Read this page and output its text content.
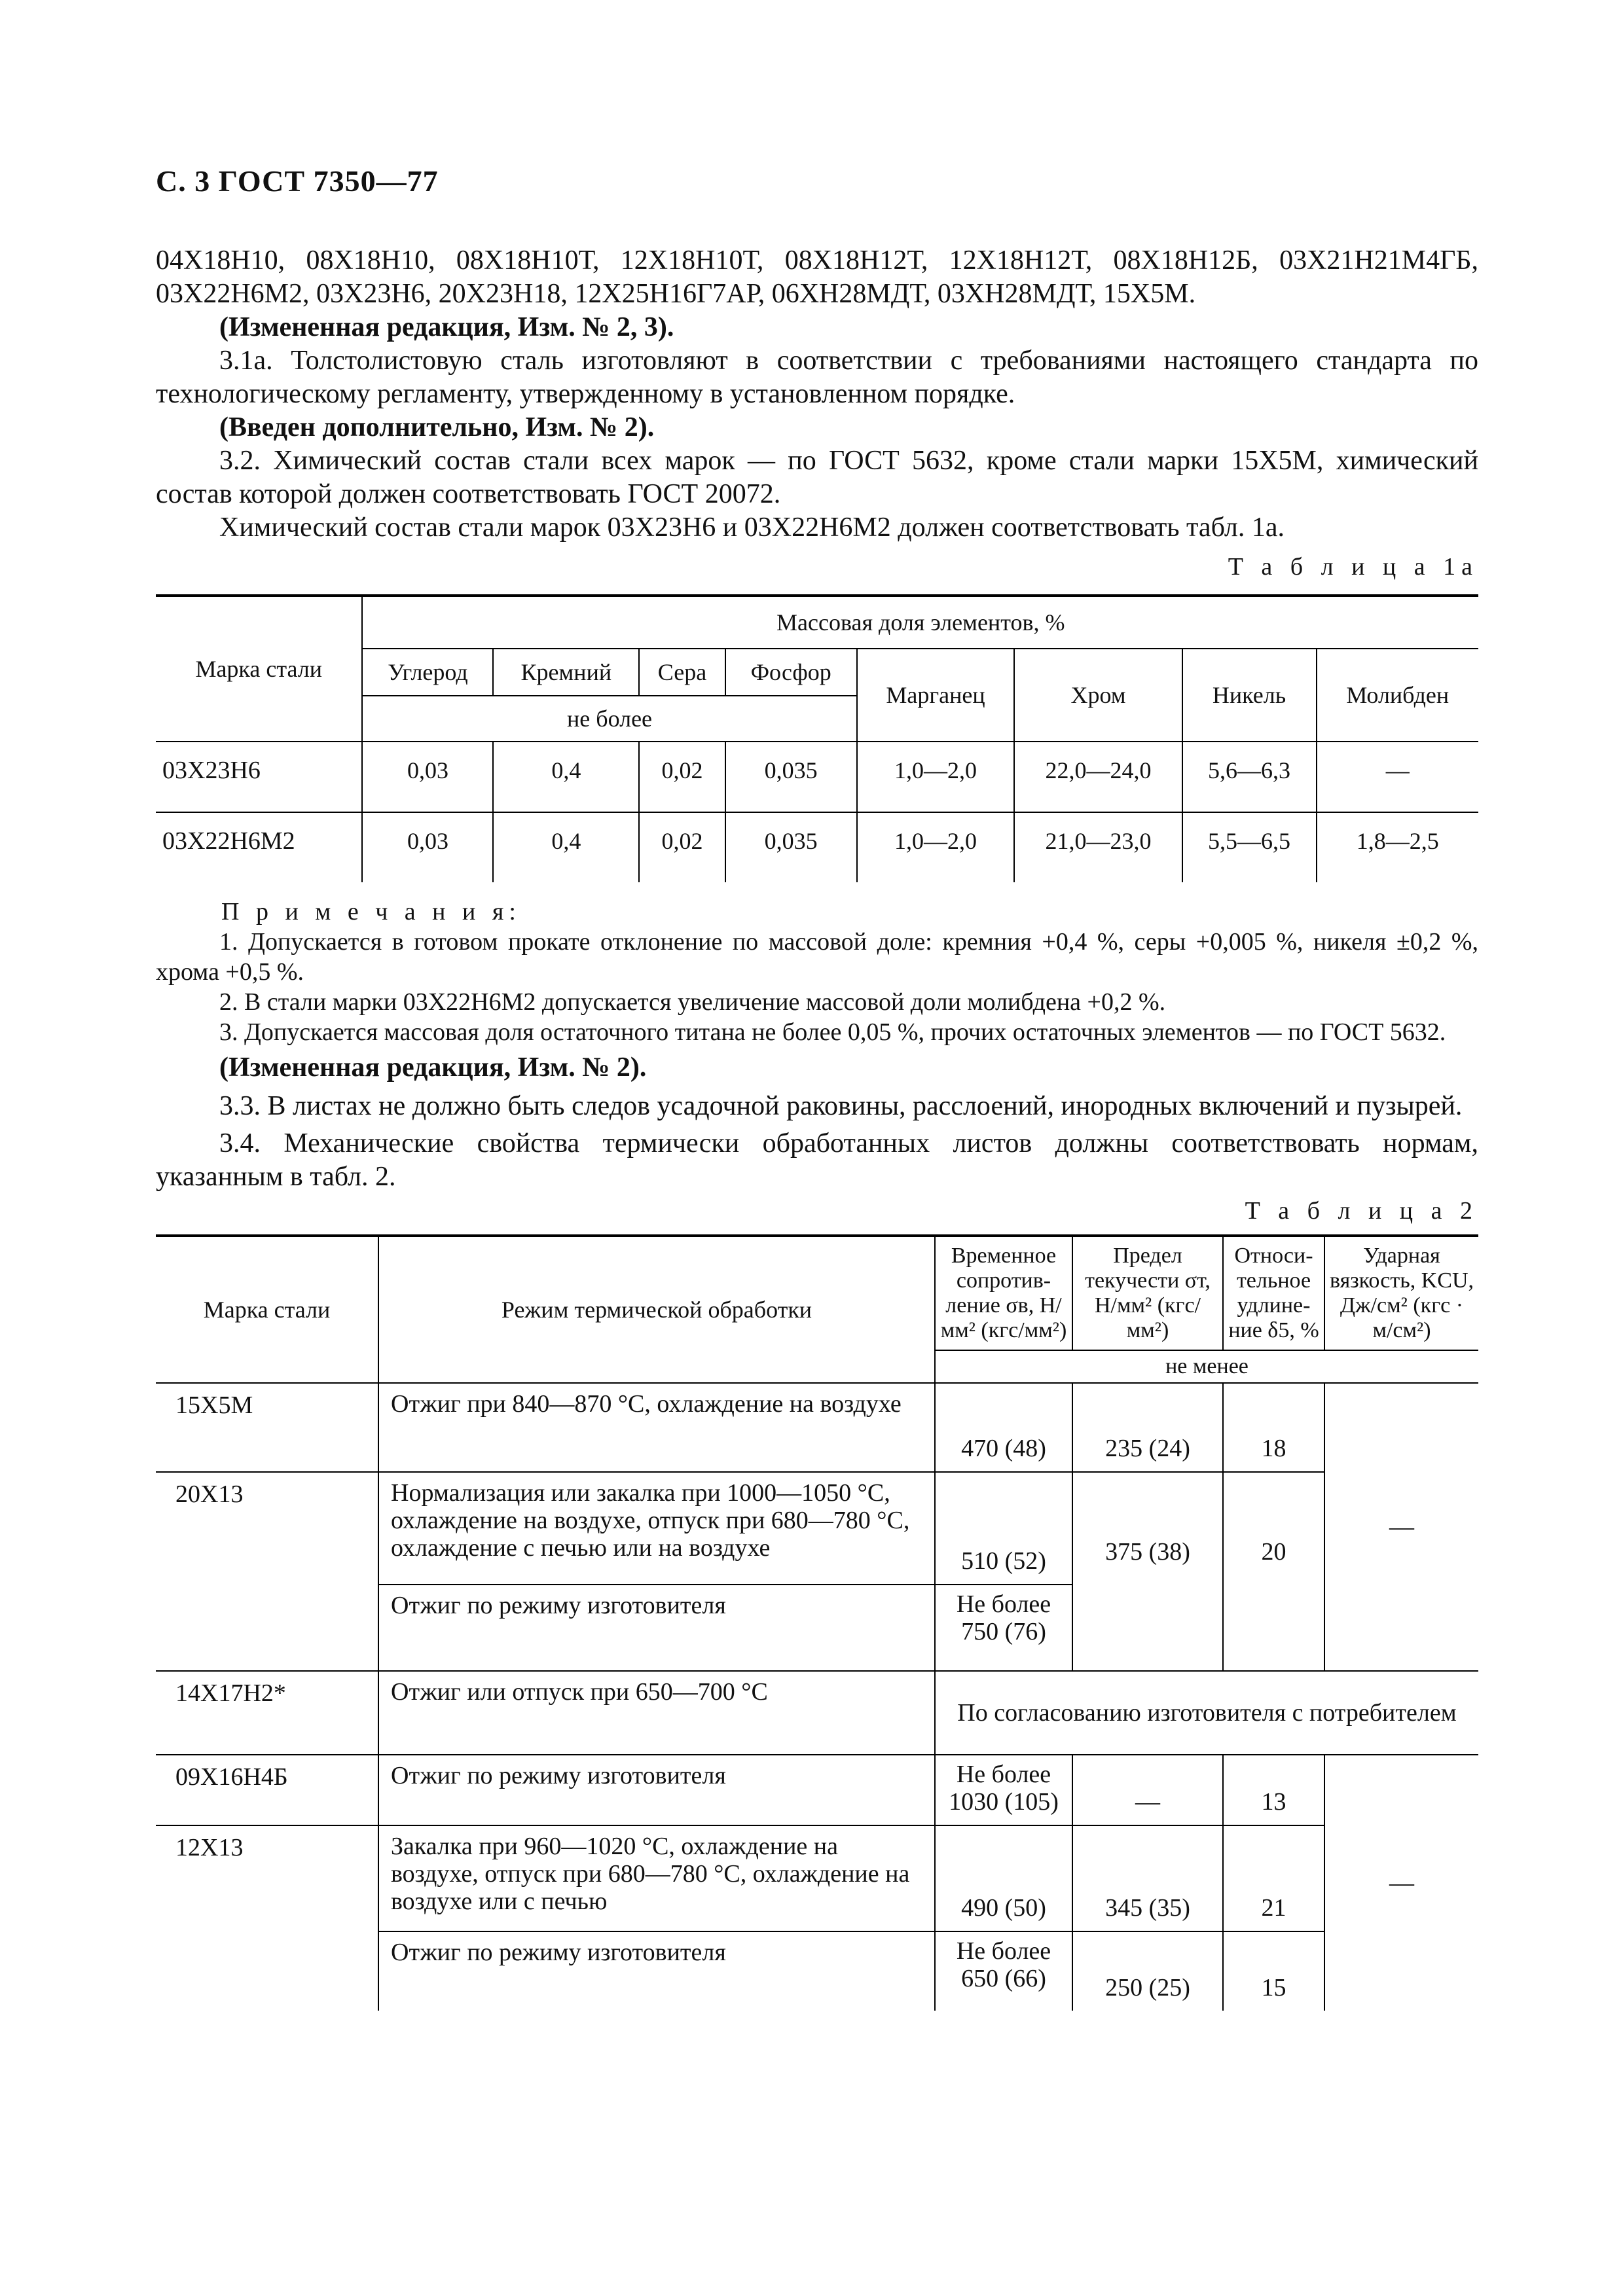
С. 3 ГОСТ 7350—77

04Х18Н10, 08Х18Н10, 08Х18Н10Т, 12Х18Н10Т, 08Х18Н12Т, 12Х18Н12Т, 08Х18Н12Б, 03Х21Н21М4ГБ, 03Х22Н6М2, 03Х23Н6, 20Х23Н18, 12Х25Н16Г7АР, 06ХН28МДТ, 03ХН28МДТ, 15Х5М.

(Измененная редакция, Изм. № 2, 3).

3.1а. Толстолистовую сталь изготовляют в соответствии с требованиями настоящего стандарта по технологическому регламенту, утвержденному в установленном порядке.

(Введен дополнительно, Изм. № 2).

3.2. Химический состав стали всех марок — по ГОСТ 5632, кроме стали марки 15Х5М, химический состав которой должен соответствовать ГОСТ 20072.

Химический состав стали марок 03Х23Н6 и 03Х22Н6М2 должен соответствовать табл. 1а.

Т а б л и ц а 1а
Марка стали	Массовая доля элементов, %							
	Углерод	Кремний	Сера	Фосфор	Марганец	Хром	Никель	Молибден
	не более							
03Х23Н6	0,03	0,4	0,02	0,035	1,0—2,0	22,0—24,0	5,6—6,3	—
03Х22Н6М2	0,03	0,4	0,02	0,035	1,0—2,0	21,0—23,0	5,5—6,5	1,8—2,5
П р и м е ч а н и я:
1. Допускается в готовом прокате отклонение по массовой доле: кремния +0,4 %, серы +0,005 %, никеля ±0,2 %, хрома +0,5 %.
2. В стали марки 03Х22Н6М2 допускается увеличение массовой доли молибдена +0,2 %.
3. Допускается массовая доля остаточного титана не более 0,05 %, прочих остаточных элементов — по ГОСТ 5632.

(Измененная редакция, Изм. № 2).

3.3. В листах не должно быть следов усадочной раковины, расслоений, инородных включений и пузырей.

3.4. Механические свойства термически обработанных листов должны соответствовать нормам, указанным в табл. 2.

Т а б л и ц а 2
Марка стали	Режим термической обработки	Временное сопротив-ление σв, Н/мм² (кгс/мм²)	Предел текучести σт, Н/мм² (кгс/мм²)	Относи-тельное удлине-ние δ5, %	Ударная вязкость, KCU, Дж/см² (кгс · м/см²)
		не менее			
15Х5М	Отжиг при 840—870 °С, охлаждение на воздухе	470 (48)	235 (24)	18	—
20Х13	Нормализация или закалка при 1000—1050 °С, охлаждение на воздухе, отпуск при 680—780 °С, охлаждение с печью или на воздухе	510 (52)	375 (38)	20	
	Отжиг по режиму изготовителя	Не более 750 (76)			
14Х17Н2*	Отжиг или отпуск при 650—700 °С	По согласованию изготовителя с потребителем			
09Х16Н4Б	Отжиг по режиму изготовителя	Не более 1030 (105)	—	13	—
12Х13	Закалка при 960—1020 °С, охлаждение на воздухе, отпуск при 680—780 °С, охлаждение на воздухе или с печью	490 (50)	345 (35)	21	
	Отжиг по режиму изготовителя	Не более 650 (66)	250 (25)	15	
